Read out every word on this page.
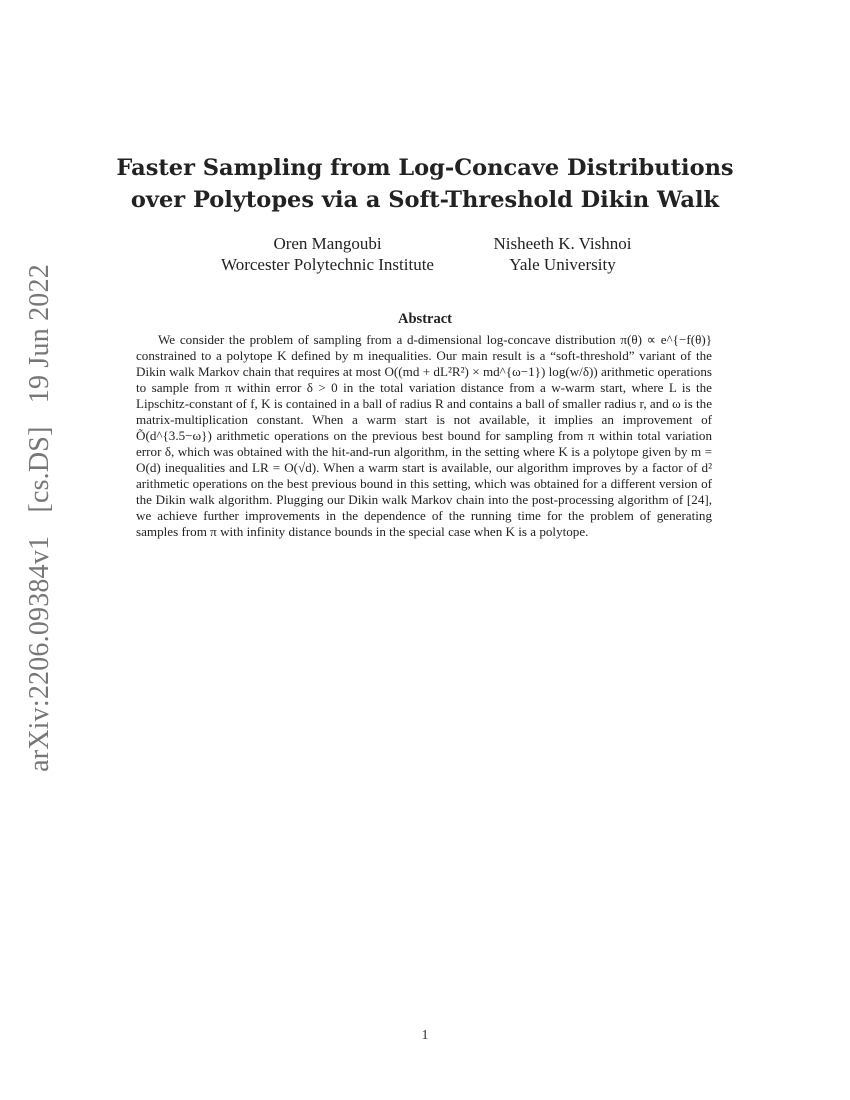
arXiv:2206.09384v1 [cs.DS] 19 Jun 2022
Faster Sampling from Log-Concave Distributions over Polytopes via a Soft-Threshold Dikin Walk
Oren Mangoubi
Worcester Polytechnic Institute
Nisheeth K. Vishnoi
Yale University
Abstract

We consider the problem of sampling from a d-dimensional log-concave distribution π(θ) ∝ e^{−f(θ)} constrained to a polytope K defined by m inequalities. Our main result is a “soft-threshold” variant of the Dikin walk Markov chain that requires at most O((md + dL²R²) × md^{ω−1}) log(w/δ)) arithmetic operations to sample from π within error δ > 0 in the total variation distance from a w-warm start, where L is the Lipschitz-constant of f, K is contained in a ball of radius R and contains a ball of smaller radius r, and ω is the matrix-multiplication constant. When a warm start is not available, it implies an improvement of Õ(d^{3.5−ω}) arithmetic operations on the previous best bound for sampling from π within total variation error δ, which was obtained with the hit-and-run algorithm, in the setting where K is a polytope given by m = O(d) inequalities and LR = O(√d). When a warm start is available, our algorithm improves by a factor of d² arithmetic operations on the best previous bound in this setting, which was obtained for a different version of the Dikin walk algorithm. Plugging our Dikin walk Markov chain into the post-processing algorithm of [24], we achieve further improvements in the dependence of the running time for the problem of generating samples from π with infinity distance bounds in the special case when K is a polytope.

1
